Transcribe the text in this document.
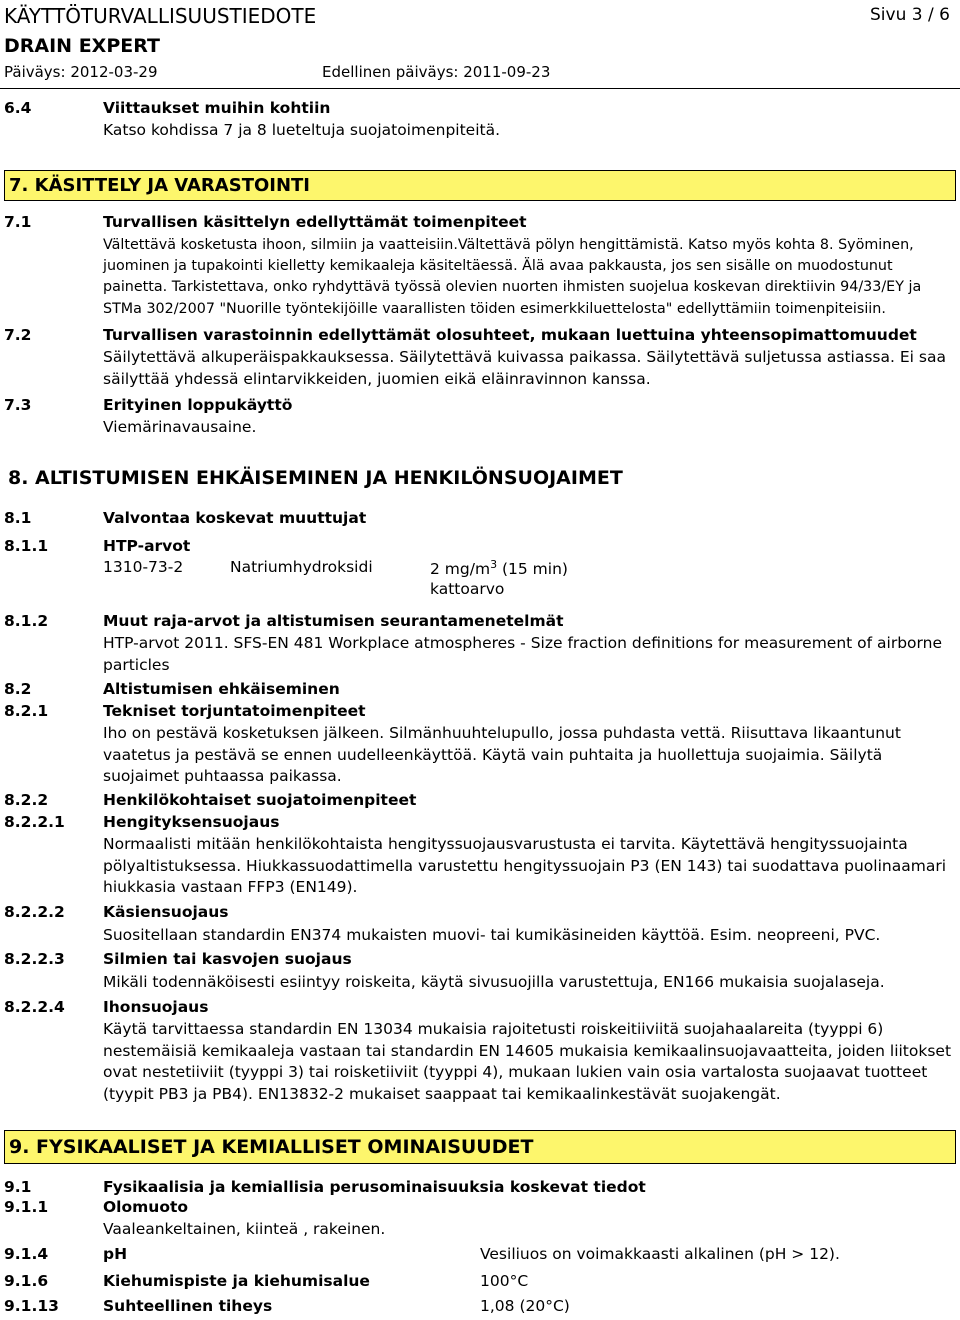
KÄYTTÖTURVALLISUUSTIEDOTE
DRAIN EXPERT
Päiväys: 2012-03-29	Edellinen päiväys: 2011-09-23
Sivu 3 / 6
6.4	Viittaukset muihin kohtiin
Katso kohdissa 7 ja 8 lueteltuja suojatoimenpiteitä.
7. KÄSITTELY JA VARASTOINTI
7.1	Turvallisen käsittelyn edellyttämät toimenpiteet
Vältettävä kosketusta ihoon, silmiin ja vaatteisiin.Vältettävä pölyn hengittämistä. Katso myös kohta 8. Syöminen, juominen ja tupakointi kielletty kemikaaleja käsiteltäessä. Älä avaa pakkausta, jos sen sisälle on muodostunut painetta. Tarkistettava, onko ryhdyttävä työssä olevien nuorten ihmisten suojelua koskevan direktiivin 94/33/EY ja STMa 302/2007 "Nuorille työntekijöille vaarallisten töiden esimerkkiluettelosta" edellyttämiin toimenpiteisiin.
7.2	Turvallisen varastoinnin edellyttämät olosuhteet, mukaan luettuina yhteensopimattomuudet
Säilytettävä alkuperäispakkauksessa. Säilytettävä kuivassa paikassa. Säilytettävä suljetussa astiassa. Ei saa säilyttää yhdessä elintarvikkeiden, juomien eikä eläinravinnon kanssa.
7.3	Erityinen loppukäyttö
Viemärinavausaine.
8. ALTISTUMISEN EHKÄISEMINEN JA HENKILÖNSUOJAIMET
8.1	Valvontaa koskevat muuttujat
8.1.1	HTP-arvot
1310-73-2	Natriumhydroksidi	2 $mg/m^3$ (15 min)
kattoarvo
8.1.2	Muut raja-arvot ja altistumisen seurantamenetelmät
HTP-arvot 2011. SFS-EN 481 Workplace atmospheres - Size fraction definitions for measurement of airborne particles
8.2	Altistumisen ehkäiseminen
8.2.1	Tekniset torjuntatoimenpiteet
Iho on pestävä kosketuksen jälkeen. Silmänhuuhtelupullo, jossa puhdasta vettä. Riisuttava likaantunut vaatetus ja pestävä se ennen uudelleenkäyttöä. Käytä vain puhtaita ja huollettuja suojaimia. Säilytä suojaimet puhtaassa paikassa.
8.2.2	Henkilökohtaiset suojatoimenpiteet
8.2.2.1 Hengityksensuojaus
Normaalisti mitään henkilökohtaista hengityssuojausvarustusta ei tarvita. Käytettävä hengityssuojainta pölyaltistuksessa. Hiukkassuodattimella varustettu hengityssuojain P3 (EN 143) tai suodattava puolinaamari hiukkasia vastaan FFP3 (EN149).
8.2.2.2 Käsiensuojaus
Suositellaan standardin EN374 mukaisten muovi- tai kumikäsineiden käyttöä. Esim. neopreeni, PVC.
8.2.2.3 Silmien tai kasvojen suojaus
Mikäli todennäköisesti esiintyy roiskeita, käytä sivusuojilla varustettuja, EN166 mukaisia suojalaseja.
8.2.2.4 Ihonsuojaus
Käytä tarvittaessa standardin EN 13034 mukaisia rajoitetusti roiskeitiiviitä suojahaalareita (tyyppi 6) nestemäisiä kemikaaleja vastaan tai standardin EN 14605 mukaisia kemikaalinsuojavaatteita, joiden liitokset ovat nestetiiviit (tyyppi 3) tai roisketiiviit (tyyppi 4), mukaan lukien vain osia vartalosta suojaavat tuotteet (tyypit PB3 ja PB4). EN13832-2 mukaiset saappaat tai kemikaalinkestävät suojakengät.
9. FYSIKAALISET JA KEMIALLISET OMINAISUUDET
9.1	Fysikaalisia ja kemiallisia perusominaisuuksia koskevat tiedot
9.1.1	Olomuoto
Vaaleankeltainen, kiinteä , rakeinen.
9.1.4	pH	Vesiliuos on voimakkaasti alkalinen (pH > 12).
9.1.6	Kiehumispiste ja kiehumisalue	100°C
9.1.13	Suhteellinen tiheys	1,08 (20°C)
